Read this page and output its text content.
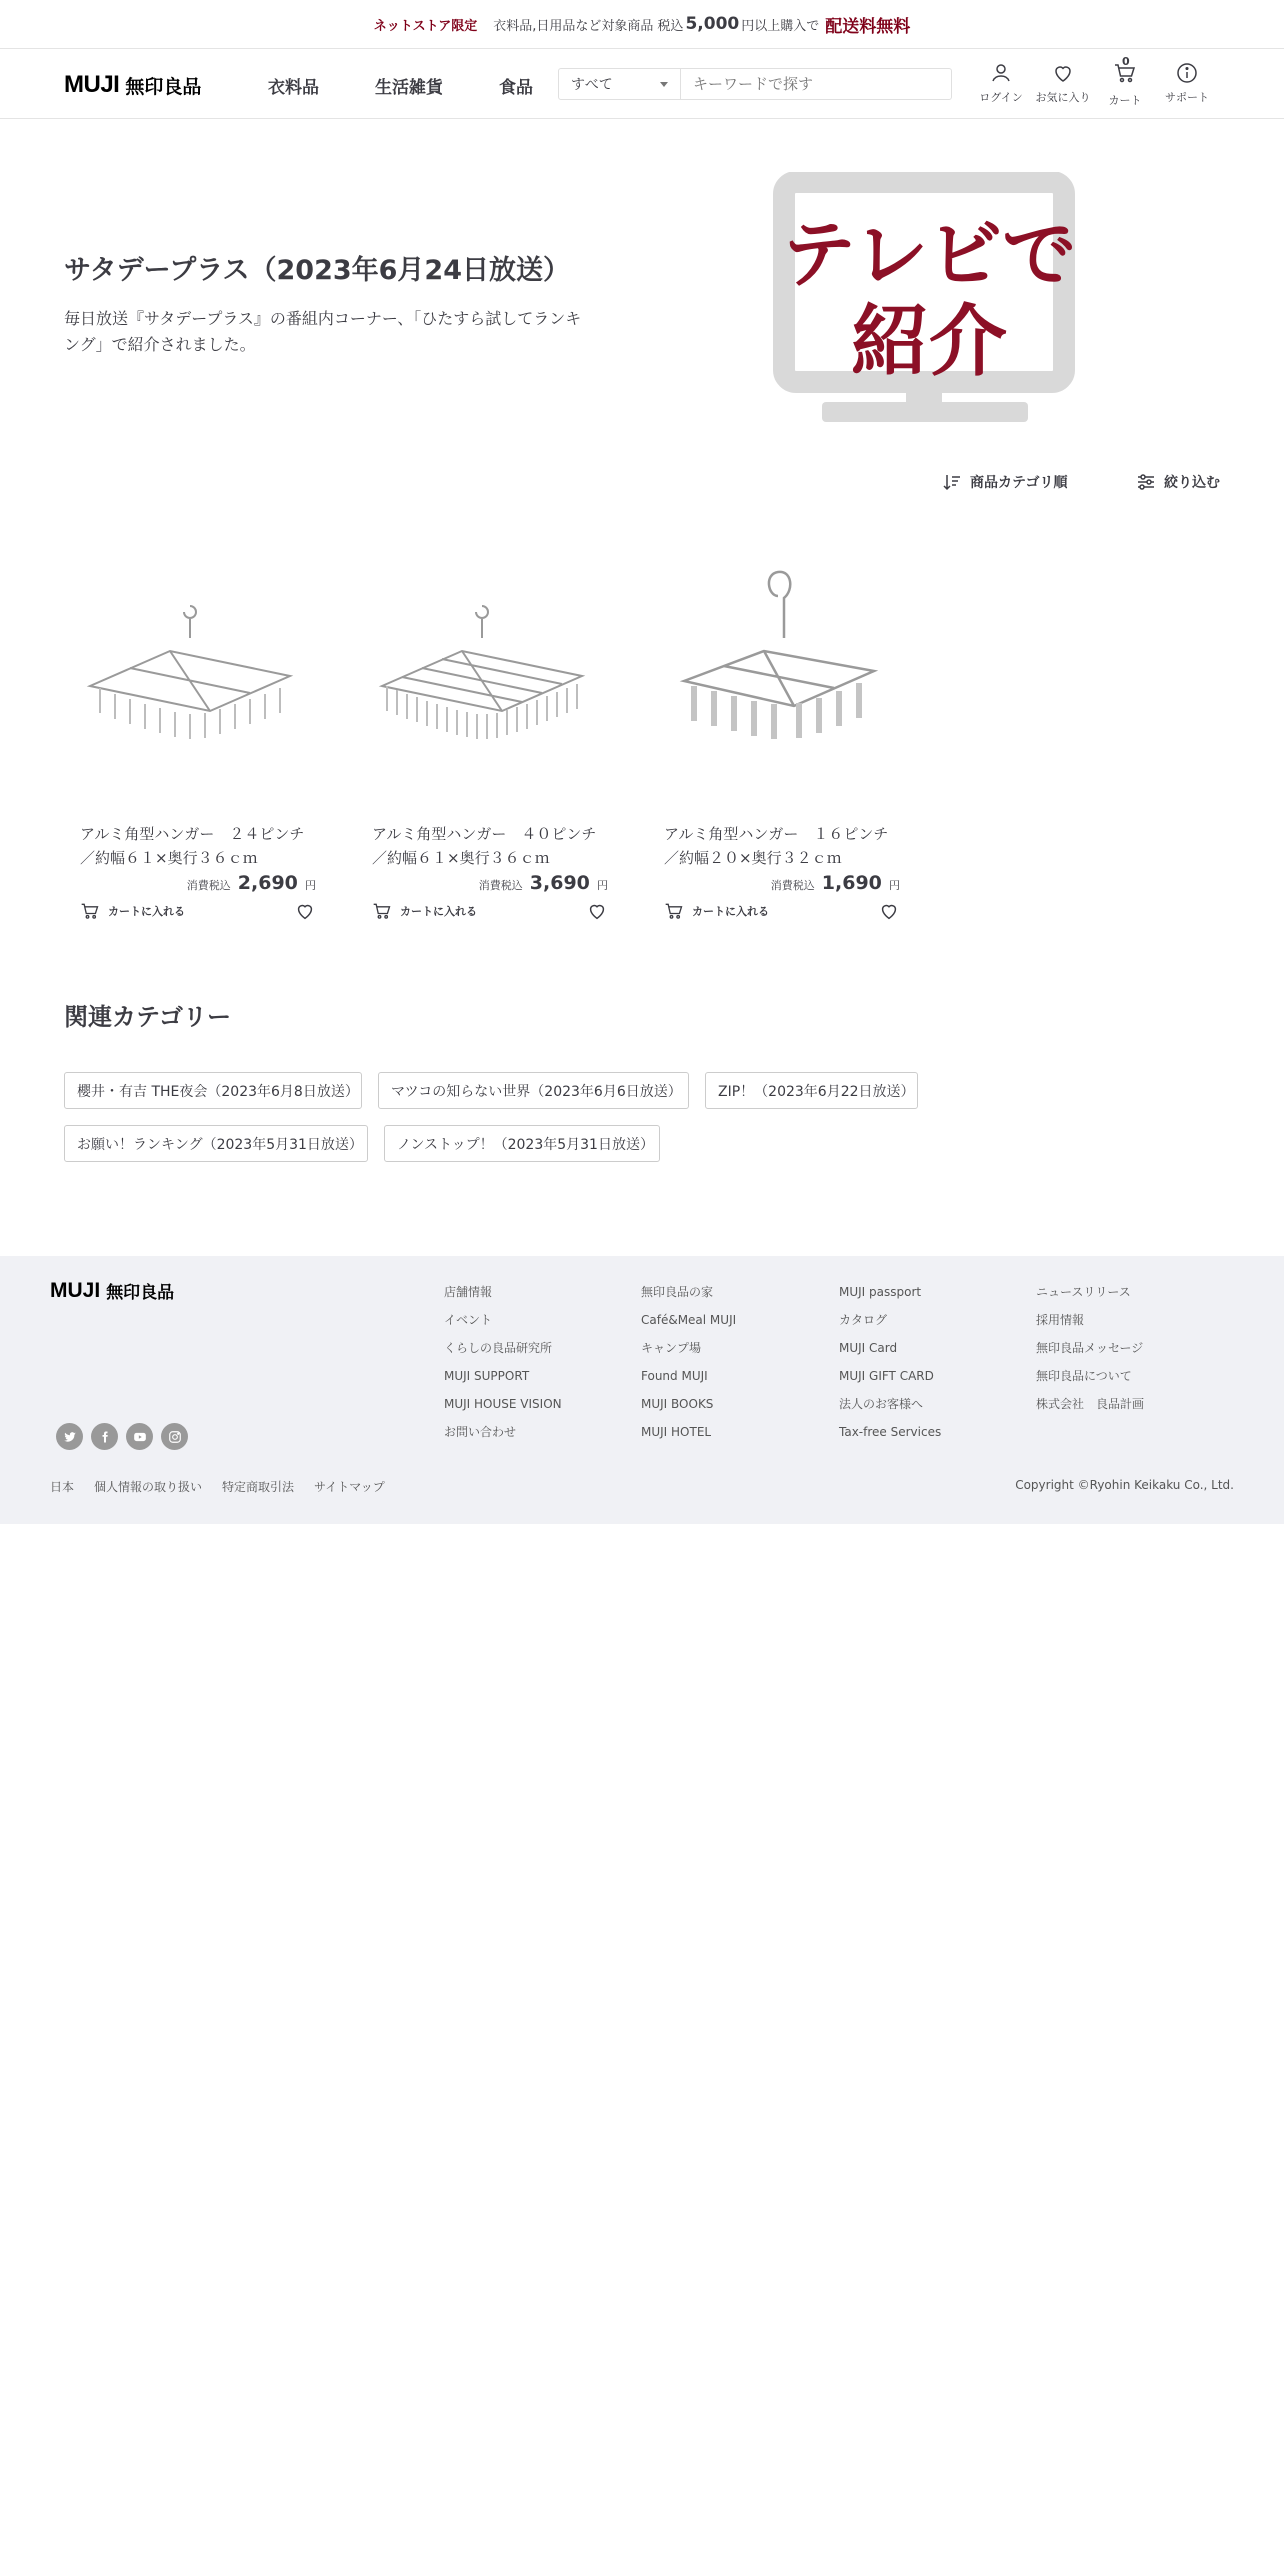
ネットストア限定 衣料品,日用品など対象商品 税込 5,000 円以上購入で 配送料無料
MUJI 無印良品	衣料品	生活雑貨	食品	すべて
キーワードで探す
ログイン お気に入り
0
カート サポート
サタデープラス（2023年6月24日放送）

毎日放送『サタデープラス』の番組内コーナー、「ひたすら試してランキング」で紹介されました。

テレビで
紹介
商品カテゴリ順	絞り込む
アルミ角型ハンガー　２４ピンチ／約幅６１×奥行３６ｃｍ
消費税込 2,690 円
カートに入れる
アルミ角型ハンガー　４０ピンチ／約幅６１×奥行３６ｃｍ
消費税込 3,690 円
カートに入れる
アルミ角型ハンガー　１６ピンチ／約幅２０×奥行３２ｃｍ
消費税込 1,690 円
カートに入れる
関連カテゴリー
櫻井・有吉 THE夜会（2023年6月8日放送）	マツコの知らない世界（2023年6月6日放送）	ZIP！（2023年6月22日放送）
お願い！ランキング（2023年5月31日放送）	ノンストップ！（2023年5月31日放送）
MUJI 無印良品	店舗情報
イベント
くらしの良品研究所
MUJI SUPPORT
MUJI HOUSE VISION
お問い合わせ
無印良品の家
Café&Meal MUJI
キャンプ場
Found MUJI
MUJI BOOKS
MUJI HOTEL
MUJI passport
カタログ
MUJI Card
MUJI GIFT CARD
法人のお客様へ
Tax-free Services
ニュースリリース
採用情報
無印良品メッセージ
無印良品について
株式会社　良品計画
日本 個人情報の取り扱い 特定商取引法 サイトマップ	Copyright ©Ryohin Keikaku Co., Ltd.
